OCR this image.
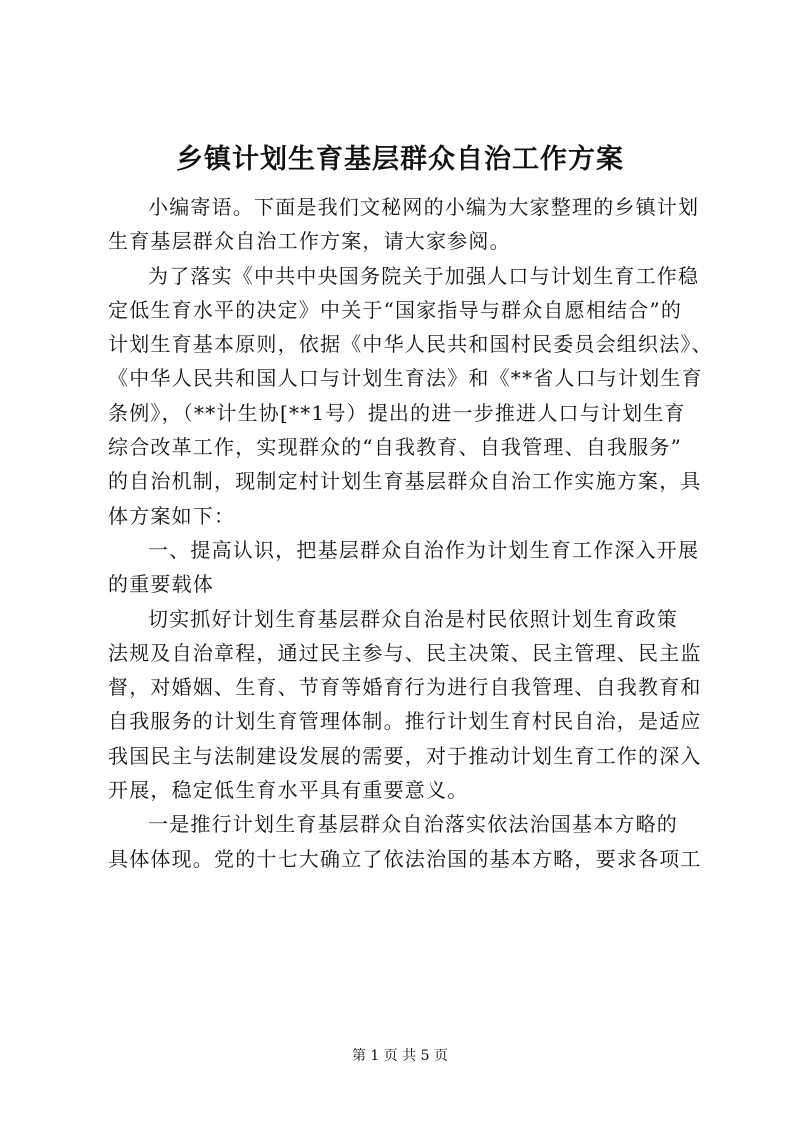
乡镇计划生育基层群众自治工作方案
小编寄语。下面是我们文秘网的小编为大家整理的乡镇计划
生育基层群众自治工作方案，请大家参阅。
为了落实《中共中央国务院关于加强人口与计划生育工作稳
定低生育水平的决定》中关于“国家指导与群众自愿相结合”的
计划生育基本原则，依据《中华人民共和国村民委员会组织法》、
《中华人民共和国人口与计划生育法》和《**省人口与计划生育
条例》，（**计生协[**1号）提出的进一步推进人口与计划生育
综合改革工作，实现群众的“自我教育、自我管理、自我服务”
的自治机制，现制定村计划生育基层群众自治工作实施方案，具
体方案如下：
一、提高认识，把基层群众自治作为计划生育工作深入开展
的重要载体
切实抓好计划生育基层群众自治是村民依照计划生育政策
法规及自治章程，通过民主参与、民主决策、民主管理、民主监
督，对婚姻、生育、节育等婚育行为进行自我管理、自我教育和
自我服务的计划生育管理体制。推行计划生育村民自治，是适应
我国民主与法制建设发展的需要，对于推动计划生育工作的深入
开展，稳定低生育水平具有重要意义。
一是推行计划生育基层群众自治落实依法治国基本方略的
具体体现。党的十七大确立了依法治国的基本方略，要求各项工
第 1 页 共 5 页
